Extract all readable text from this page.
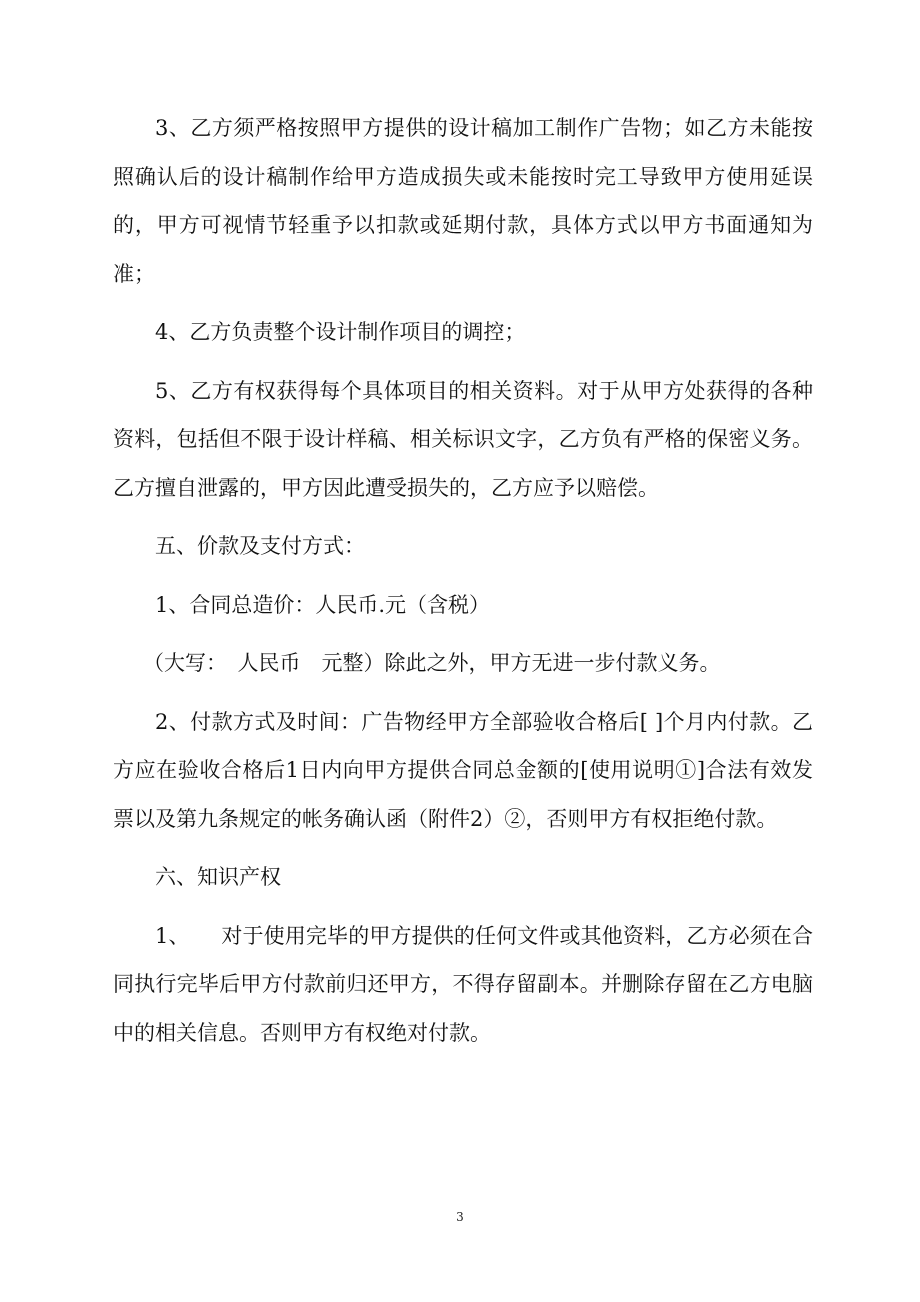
3、乙方须严格按照甲方提供的设计稿加工制作广告物；如乙方未能按照确认后的设计稿制作给甲方造成损失或未能按时完工导致甲方使用延误的，甲方可视情节轻重予以扣款或延期付款，具体方式以甲方书面通知为准；

4、乙方负责整个设计制作项目的调控；

5、乙方有权获得每个具体项目的相关资料。对于从甲方处获得的各种资料，包括但不限于设计样稿、相关标识文字，乙方负有严格的保密义务。乙方擅自泄露的，甲方因此遭受损失的，乙方应予以赔偿。

五、价款及支付方式：

1、合同总造价：人民币.元（含税）

（大写：　人民币　元整）除此之外，甲方无进一步付款义务。

2、付款方式及时间：广告物经甲方全部验收合格后[ ]个月内付款。乙方应在验收合格后1日内向甲方提供合同总金额的[使用说明①]合法有效发票以及第九条规定的帐务确认函（附件2）②，否则甲方有权拒绝付款。

六、知识产权

1、　　对于使用完毕的甲方提供的任何文件或其他资料，乙方必须在合同执行完毕后甲方付款前归还甲方，不得存留副本。并删除存留在乙方电脑中的相关信息。否则甲方有权绝对付款。

3
